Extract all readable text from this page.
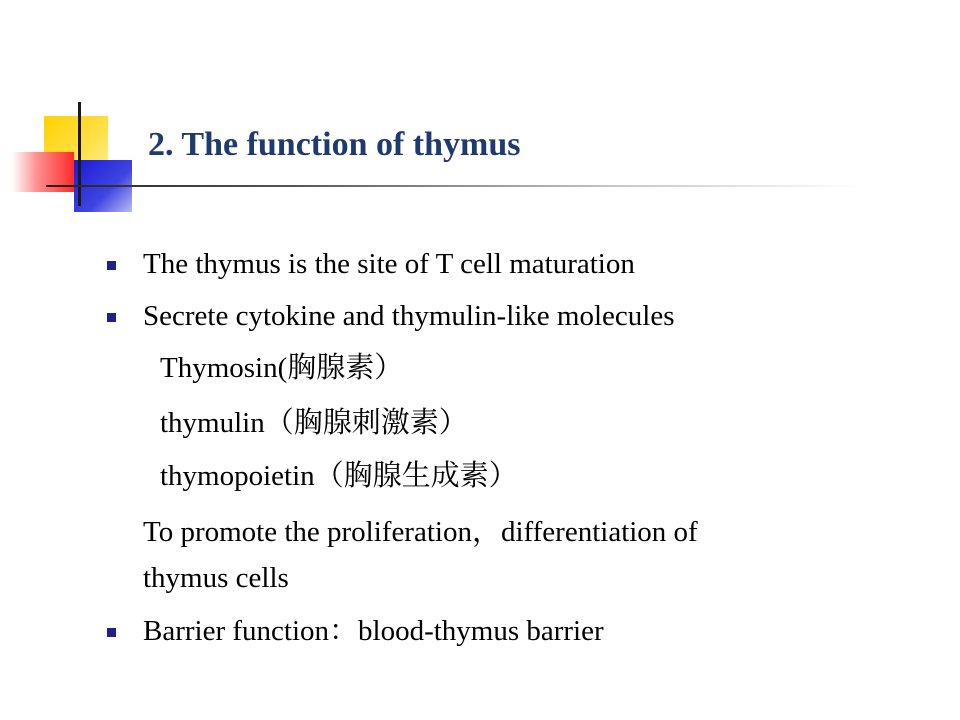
2. The function of thymus
The thymus is the site of T cell maturation
Secrete cytokine and thymulin-like molecules
Thymosin(胸腺素）
thymulin（胸腺刺激素）
thymopoietin（胸腺生成素）
To promote the proliferation，differentiation of
thymus cells
Barrier function：blood-thymus barrier
